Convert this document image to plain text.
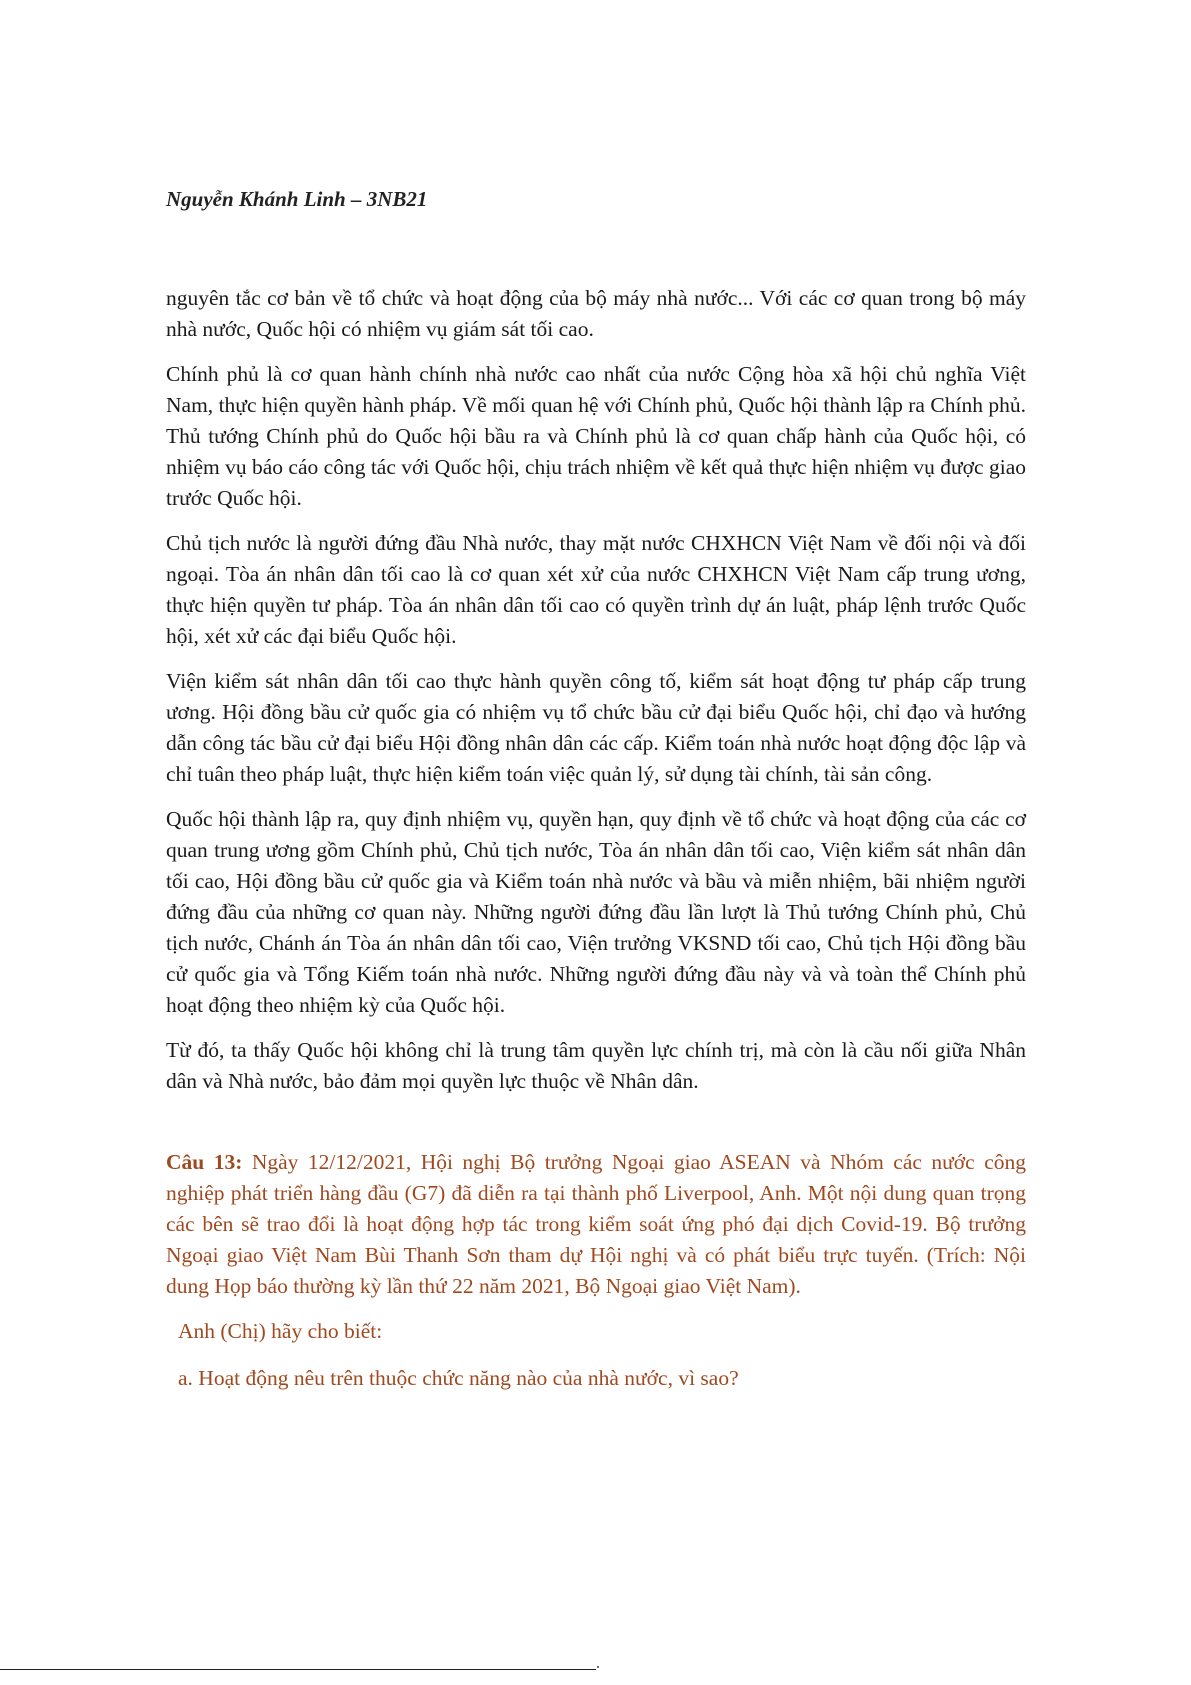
Nguyễn Khánh Linh – 3NB21

nguyên tắc cơ bản về tổ chức và hoạt động của bộ máy nhà nước... Với các cơ quan trong bộ máy nhà nước, Quốc hội có nhiệm vụ giám sát tối cao.

Chính phủ là cơ quan hành chính nhà nước cao nhất của nước Cộng hòa xã hội chủ nghĩa Việt Nam, thực hiện quyền hành pháp. Về mối quan hệ với Chính phủ, Quốc hội thành lập ra Chính phủ. Thủ tướng Chính phủ do Quốc hội bầu ra và Chính phủ là cơ quan chấp hành của Quốc hội, có nhiệm vụ báo cáo công tác với Quốc hội, chịu trách nhiệm về kết quả thực hiện nhiệm vụ được giao trước Quốc hội.

Chủ tịch nước là người đứng đầu Nhà nước, thay mặt nước CHXHCN Việt Nam về đối nội và đối ngoại. Tòa án nhân dân tối cao là cơ quan xét xử của nước CHXHCN Việt Nam cấp trung ương, thực hiện quyền tư pháp. Tòa án nhân dân tối cao có quyền trình dự án luật, pháp lệnh trước Quốc hội, xét xử các đại biểu Quốc hội.

Viện kiểm sát nhân dân tối cao thực hành quyền công tố, kiểm sát hoạt động tư pháp cấp trung ương. Hội đồng bầu cử quốc gia có nhiệm vụ tổ chức bầu cử đại biểu Quốc hội, chỉ đạo và hướng dẫn công tác bầu cử đại biểu Hội đồng nhân dân các cấp. Kiểm toán nhà nước hoạt động độc lập và chỉ tuân theo pháp luật, thực hiện kiểm toán việc quản lý, sử dụng tài chính, tài sản công.

Quốc hội thành lập ra, quy định nhiệm vụ, quyền hạn, quy định về tổ chức và hoạt động của các cơ quan trung ương gồm Chính phủ, Chủ tịch nước, Tòa án nhân dân tối cao, Viện kiểm sát nhân dân tối cao, Hội đồng bầu cử quốc gia và Kiểm toán nhà nước và bầu và miễn nhiệm, bãi nhiệm người đứng đầu của những cơ quan này. Những người đứng đầu lần lượt là Thủ tướng Chính phủ, Chủ tịch nước, Chánh án Tòa án nhân dân tối cao, Viện trưởng VKSND tối cao, Chủ tịch Hội đồng bầu cử quốc gia và Tổng Kiếm toán nhà nước. Những người đứng đầu này và và toàn thể Chính phủ hoạt động theo nhiệm kỳ của Quốc hội.

Từ đó, ta thấy Quốc hội không chỉ là trung tâm quyền lực chính trị, mà còn là cầu nối giữa Nhân dân và Nhà nước, bảo đảm mọi quyền lực thuộc về Nhân dân.

Câu 13: Ngày 12/12/2021, Hội nghị Bộ trưởng Ngoại giao ASEAN và Nhóm các nước công nghiệp phát triển hàng đầu (G7) đã diễn ra tại thành phố Liverpool, Anh. Một nội dung quan trọng các bên sẽ trao đổi là hoạt động hợp tác trong kiểm soát ứng phó đại dịch Covid-19. Bộ trưởng Ngoại giao Việt Nam Bùi Thanh Sơn tham dự Hội nghị và có phát biểu trực tuyến. (Trích: Nội dung Họp báo thường kỳ lần thứ 22 năm 2021, Bộ Ngoại giao Việt Nam).

Anh (Chị) hãy cho biết:
a. Hoạt động nêu trên thuộc chức năng nào của nhà nước, vì sao?
